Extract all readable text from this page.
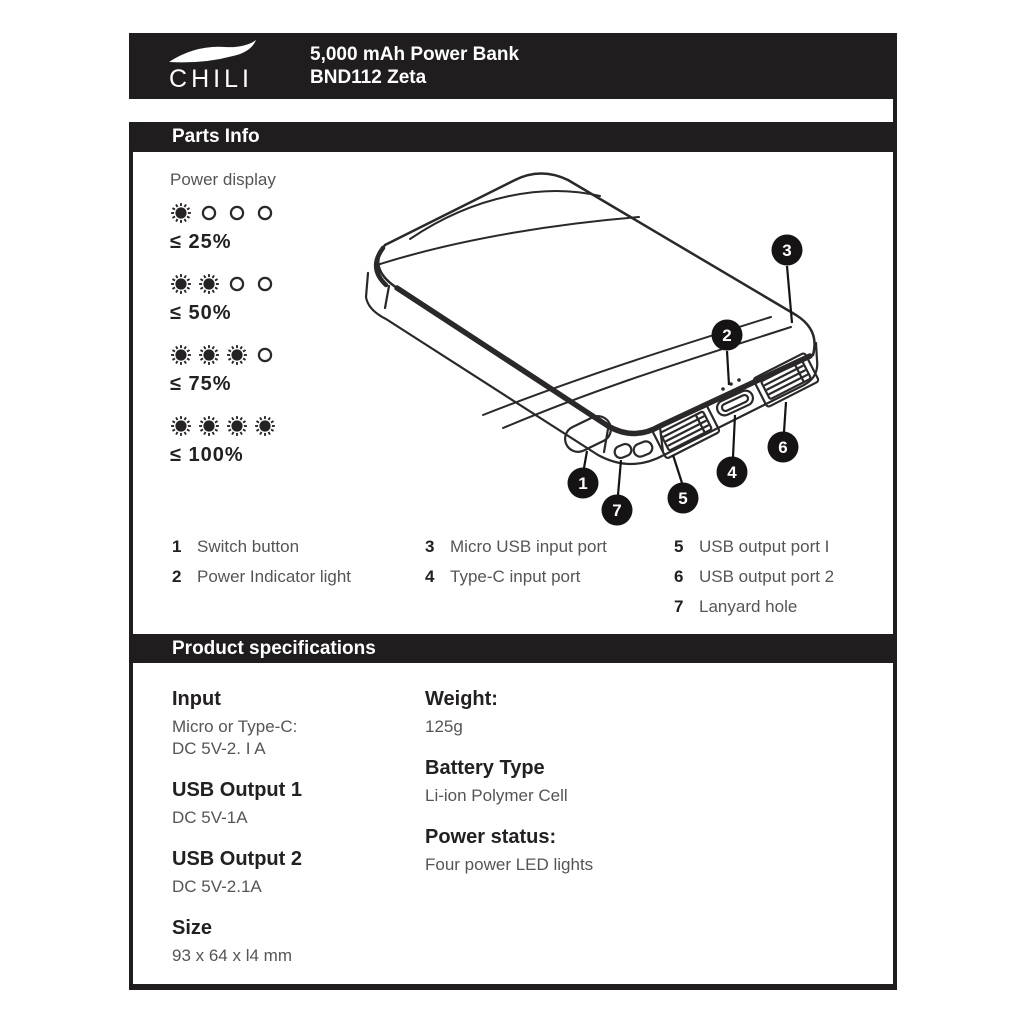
CHILI
5,000 mAh Power Bank
BND112 Zeta
Parts Info
Power display
≤ 25%
≤ 50%
≤ 75%
≤ 100%
1
2
3
4
5
6
7
1 Switch button
2 Power Indicator light
3 Micro USB input port
4 Type-C input port
5 USB output port I
6 USB output port 2
7 Lanyard hole
Product specifications
Input
Micro or Type-C:
DC 5V-2. I A
USB Output 1
DC 5V-1A
USB Output 2
DC 5V-2.1A
Size
93 x 64 x l4 mm
Weight:
125g
Battery Type
Li-ion Polymer Cell
Power status:
Four power LED lights
